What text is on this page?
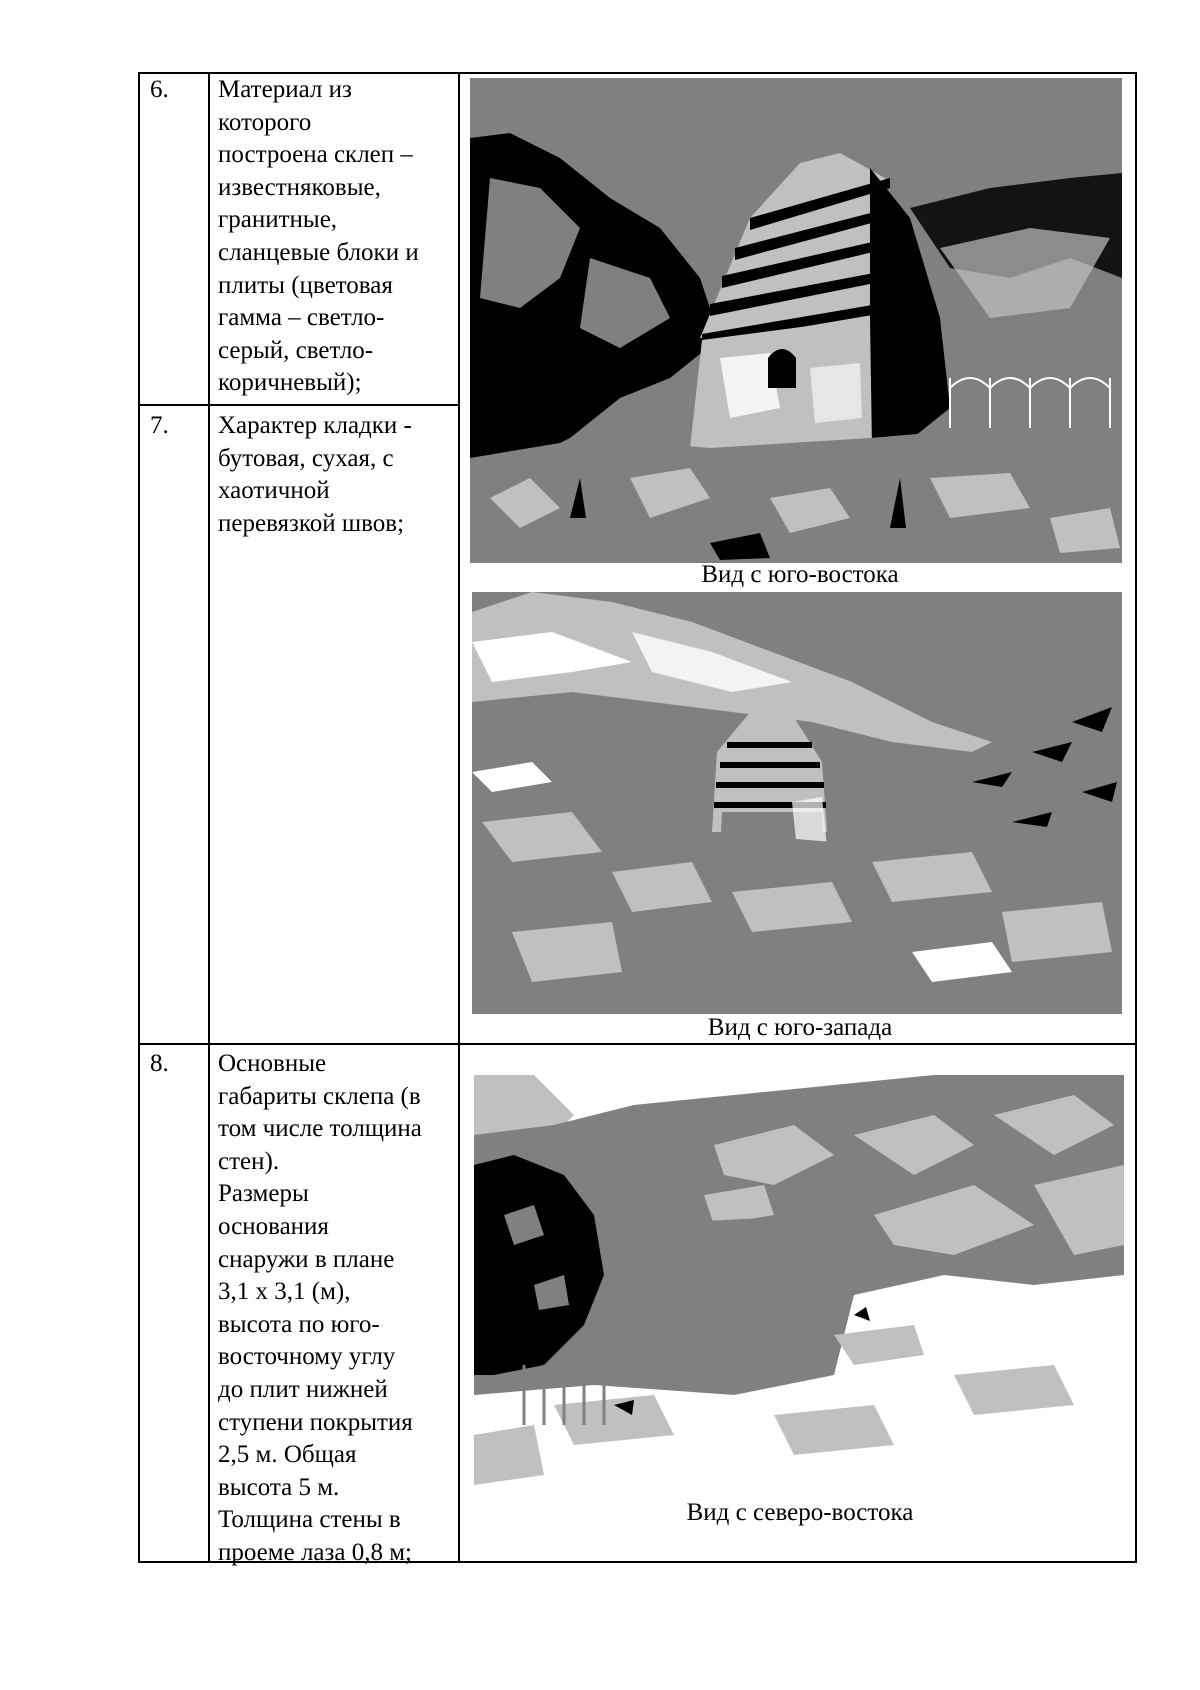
6. Материал из
которого
построена склеп –
известняковые,
гранитные,
сланцевые блоки и
плиты (цветовая
гамма – светло-
серый, светло-
коричневый);
7. Характер кладки -
бутовая, сухая, с
хаотичной
перевязкой швов;
8. Основные
габариты склепа (в
том числе толщина
стен).
Размеры
основания
снаружи в плане
3,1 х 3,1 (м),
высота по юго-
восточному углу
до плит нижней
ступени покрытия
2,5 м. Общая
высота 5 м.
Толщина стены в
проеме лаза 0,8 м;
Вид с юго-востока
Вид с юго-запада
Вид с северо-востока
